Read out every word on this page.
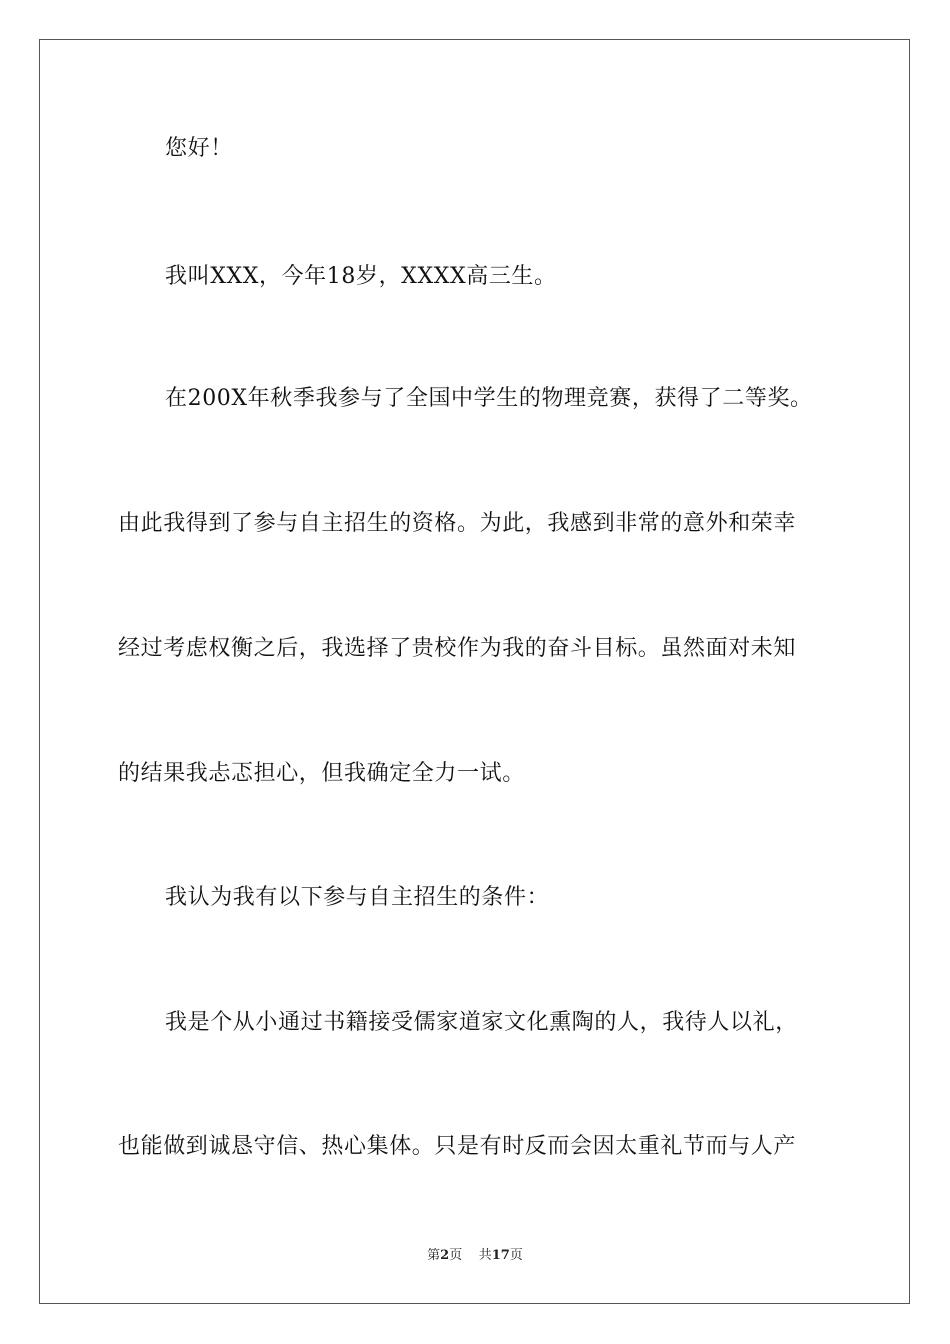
您好！
我叫XXX，今年18岁，XXXX高三生。
在200X年秋季我参与了全国中学生的物理竞赛，获得了二等奖。
由此我得到了参与自主招生的资格。为此，我感到非常的意外和荣幸
经过考虑权衡之后，我选择了贵校作为我的奋斗目标。虽然面对未知
的结果我忐忑担心，但我确定全力一试。
我认为我有以下参与自主招生的条件：
我是个从小通过书籍接受儒家道家文化熏陶的人，我待人以礼，
也能做到诚恳守信、热心集体。只是有时反而会因太重礼节而与人产
第2页 共17页
